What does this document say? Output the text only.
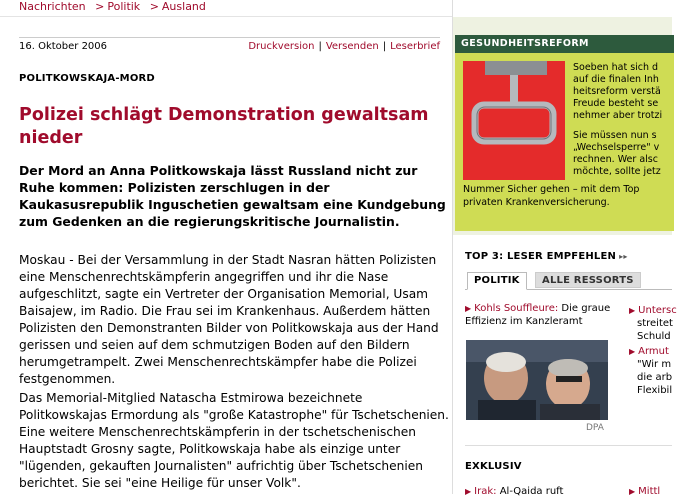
Nachrichten > Politik > Ausland
16. Oktober 2006	Druckversion | Versenden | Leserbrief
POLITKOWSKAJA-MORD
Polizei schlägt Demonstration gewaltsam nieder

Der Mord an Anna Politkowskaja lässt Russland nicht zur Ruhe kommen: Polizisten zerschlugen in der Kaukasusrepublik Inguschetien gewaltsam eine Kundgebung zum Gedenken an die regierungskritische Journalistin.

Moskau - Bei der Versammlung in der Stadt Nasran hätten Polizisten eine Menschenrechtskämpferin angegriffen und ihr die Nase aufgeschlitzt, sagte ein Vertreter der Organisation Memorial, Usam Baisajew, im Radio. Die Frau sei im Krankenhaus. Außerdem hätten Polizisten den Demonstranten Bilder von Politkowskaja aus der Hand gerissen und seien auf dem schmutzigen Boden auf den Bildern herumgetrampelt. Zwei Menschenrechtskämpfer habe die Polizei festgenommen.

Das Memorial-Mitglied Natascha Estmirowa bezeichnete Politkowskajas Ermordung als "große Katastrophe" für Tschetschenien. Eine weitere Menschenrechtskämpferin in der tschetschenischen Hauptstadt Grosny sagte, Politkowskaja habe als einzige unter "lügenden, gekauften Journalisten" aufrichtig über Tschetschenien berichtet. Sie sei "eine Heilige für unser Volk".

GESUNDHEITSREFORM

Soeben hat sich d
auf die finalen Inh
heitsreform verstä
Freude besteht se
nehmer aber trotzi

Sie müssen nun s
„Wechselsperre" v
rechnen. Wer alsc
möchte, sollte jetz

Nummer Sicher gehen – mit dem Top
privaten Krankenversicherung.
TOP 3: LESER EMPFEHLEN ▸▸
POLITIK	ALLE RESSORTS
▶ Kohls Souffleure: Die graue
Effizienz im Kanzleramt
▶ Untersc
streitet
Schuld
▶ Armut
"Wir m
die arb
Flexibil
DPA
EXKLUSIV
▶ Irak: Al-Qaida ruft	▶ Mittl
